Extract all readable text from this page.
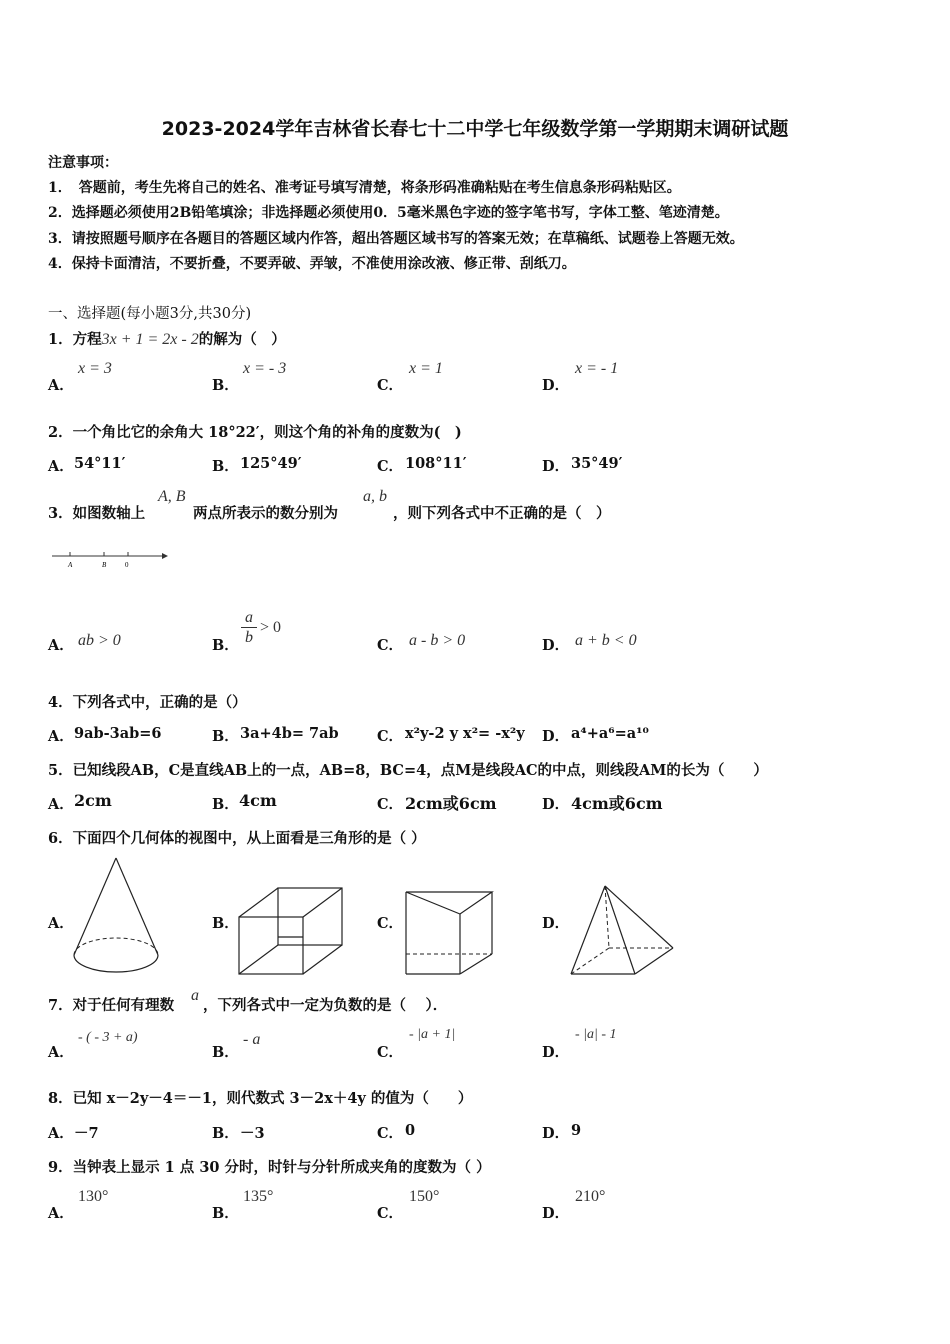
2023-2024学年吉林省长春七十二中学七年级数学第一学期期末调研试题
注意事项：
1．　答题前，考生先将自己的姓名、准考证号填写清楚，将条形码准确粘贴在考生信息条形码粘贴区。
2．选择题必须使用2B铅笔填涂；非选择题必须使用0．5毫米黑色字迹的签字笔书写，字体工整、笔迹清楚。
3．请按照题号顺序在各题目的答题区域内作答，超出答题区域书写的答案无效；在草稿纸、试题卷上答题无效。
4．保持卡面清洁，不要折叠，不要弄破、弄皱，不准使用涂改液、修正带、刮纸刀。
一、选择题(每小题3分,共30分)
1．方程3x + 1 = 2x - 2的解为（　）
A．
x = 3
B．
x = - 3
C．
x = 1
D．
x = - 1
2．一个角比它的余角大 18°22′，则这个角的补角的度数为(　)
A． 54°11′	B． 125°49′	C． 108°11′	D． 35°49′
3．如图数轴上
A, B
两点所表示的数分别为
a, b
，则下列各式中不正确的是（　）
A	B	0
A． ab > 0	B．
a
b
> 0
C． a - b > 0	D． a + b < 0
4．下列各式中，正确的是（）
A． 9ab-3ab=6	B． 3a+4b= 7ab	C． x²y-2 y x²= -x²y D． a⁴+a⁶=a¹⁰
5．已知线段AB，C是直线AB上的一点，AB=8，BC=4，点M是线段AC的中点，则线段AM的长为（　　）
A． 2cm	B． 4cm	C． 2cm或6cm	D． 4cm或6cm
6．下面四个几何体的视图中，从上面看是三角形的是（ ）
A．	B．	C．	D．
7．对于任何有理数
a
，下列各式中一定为负数的是（　 ）．
A．
- ( - 3 + a)
B．
- a
C．
- |a + 1|
D．
- |a| - 1
8．已知 x－2y－4＝－1，则代数式 3－2x＋4y 的值为（　　）
A． －7	B． －3	C． 0	D． 9
9．当钟表上显示 1 点 30 分时，时针与分针所成夹角的度数为（ ）
A．
130°
B．
135°
C．
150°
D．
210°
